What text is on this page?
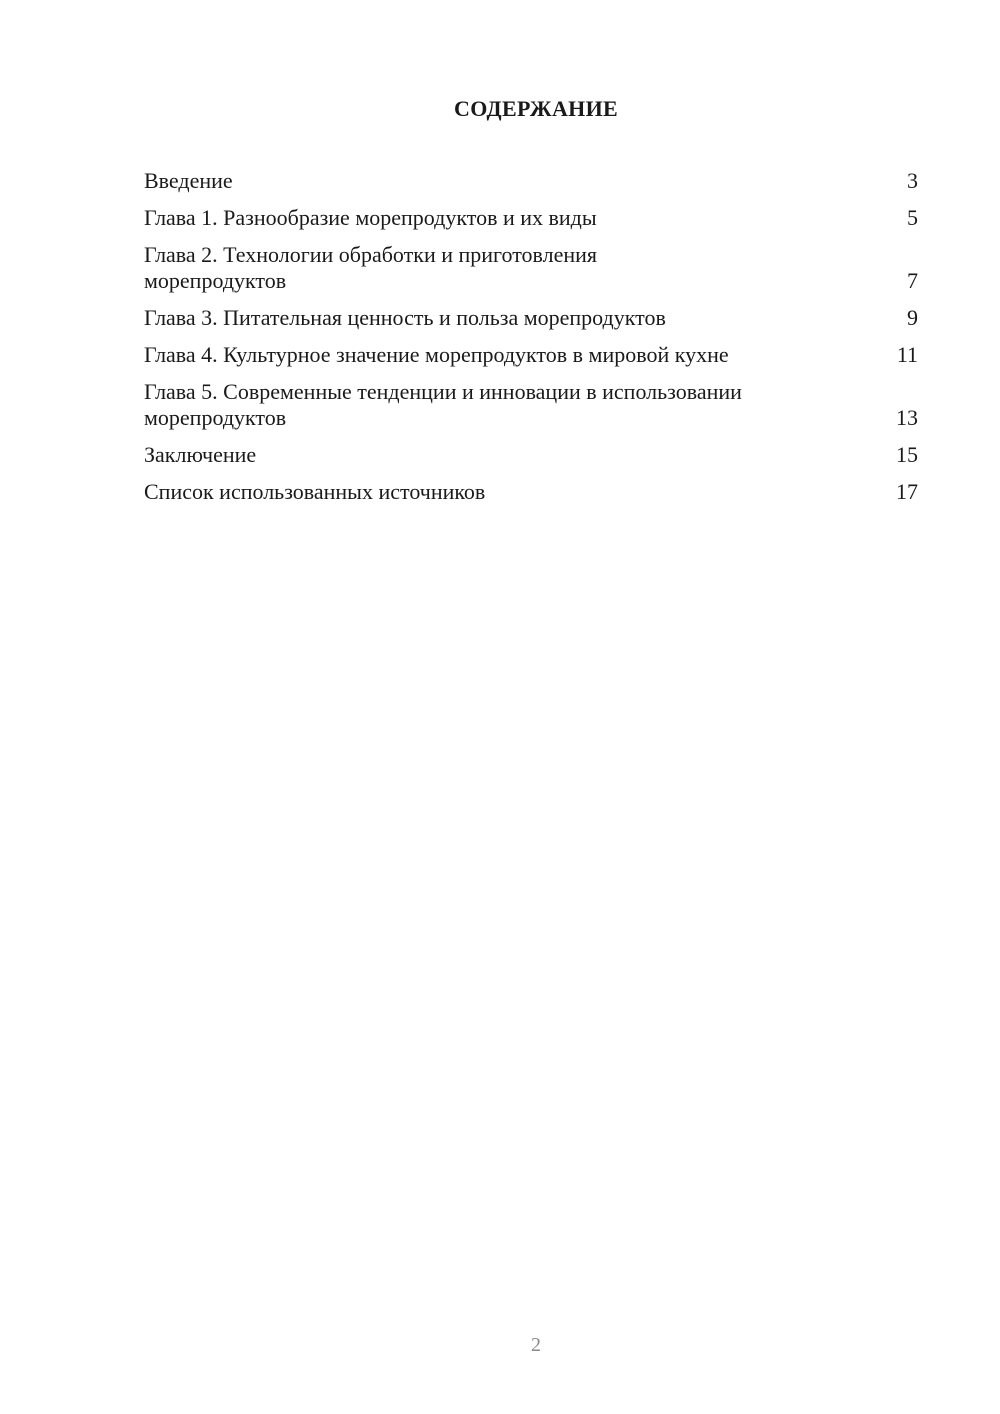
СОДЕРЖАНИЕ
Введение	3
Глава 1. Разнообразие морепродуктов и их виды	5
Глава 2. Технологии обработки и приготовления морепродуктов	7
Глава 3. Питательная ценность и польза морепродуктов	9
Глава 4. Культурное значение морепродуктов в мировой кухне	11
Глава 5. Современные тенденции и инновации в использовании морепродуктов	13
Заключение	15
Список использованных источников	17
2
